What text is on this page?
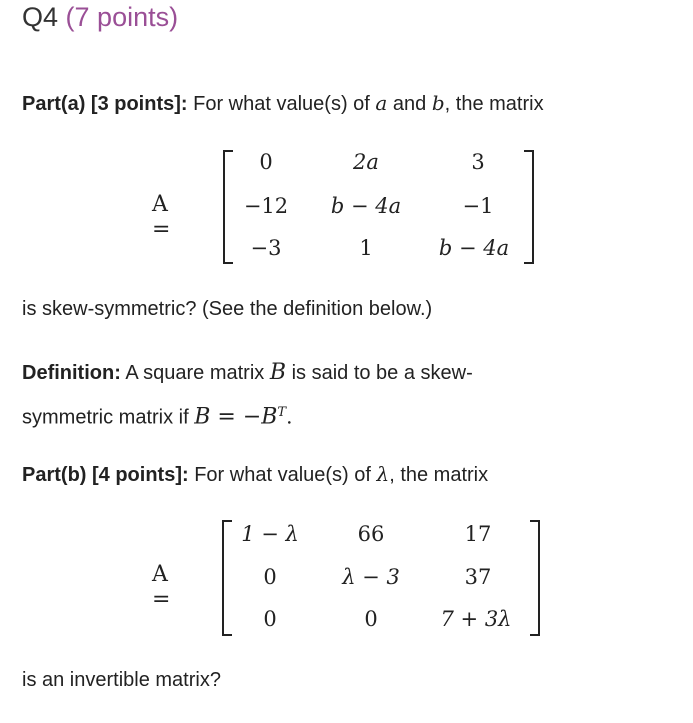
Q4 (7 points)
Part(a) [3 points]: For what value(s) of a and b, the matrix
A =
0	2a	3
−12 b − 4a	−1
−3	1	b − 4a
is skew-symmetric? (See the definition below.)
Definition: A square matrix B is said to be a skew-
symmetric matrix if $B = -B^T$.
Part(b) [4 points]: For what value(s) of λ, the matrix
A =
1 − λ	66	17
0	λ − 3	37
0	0	7 + 3λ
is an invertible matrix?
